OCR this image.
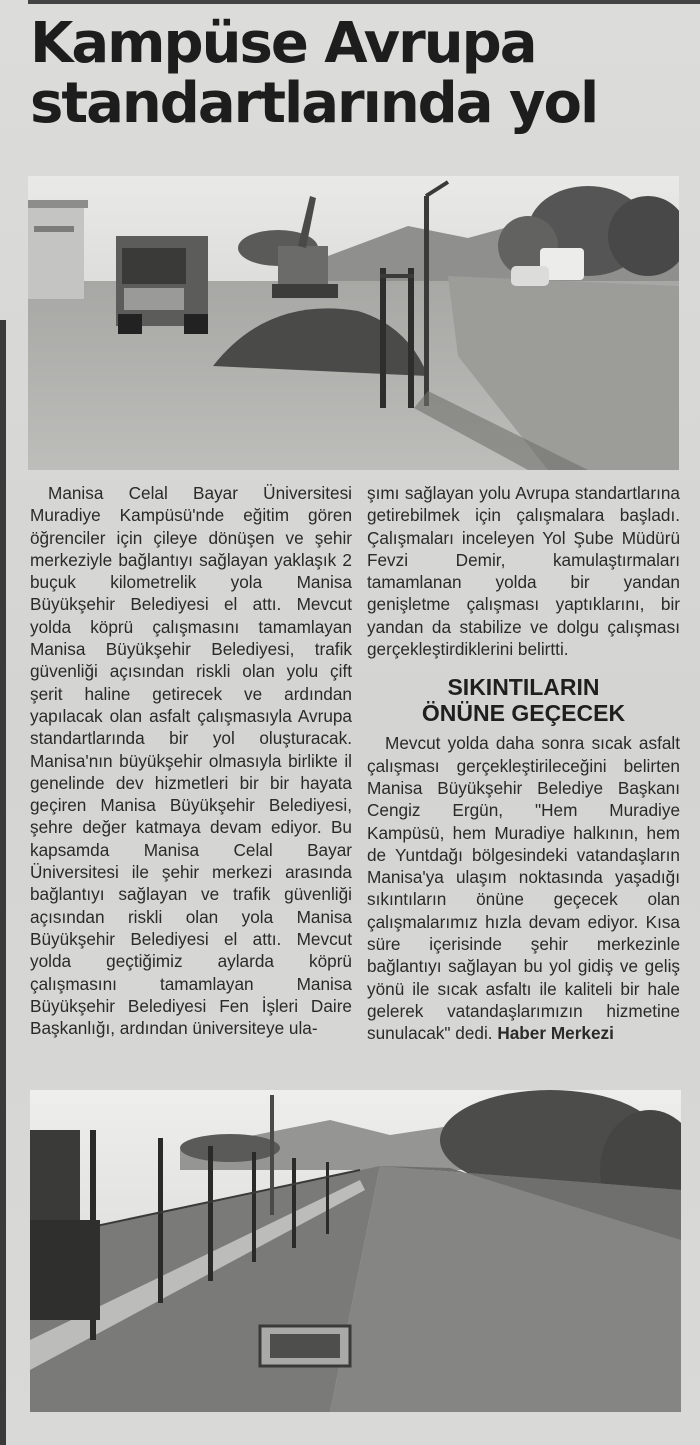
Kampüse Avrupa
standartlarında yol

Manisa Celal Bayar Üniversitesi Muradiye Kampüsü'nde eğitim gören öğrenciler için çileye dönüşen ve şehir merkeziyle bağlantıyı sağlayan yaklaşık 2 buçuk kilometrelik yola Manisa Büyükşehir Belediyesi el attı. Mevcut yolda köprü çalışmasını tamamlayan Manisa Büyükşehir Belediyesi, trafik güvenliği açısından riskli olan yolu çift şerit haline getirecek ve ardından yapılacak olan asfalt çalışmasıyla Avrupa standartlarında bir yol oluşturacak. Manisa'nın büyükşehir olmasıyla birlikte il genelinde dev hizmetleri bir bir hayata geçiren Manisa Büyükşehir Belediyesi, şehre değer katmaya devam ediyor. Bu kapsamda Manisa Celal Bayar Üniversitesi ile şehir merkezi arasında bağlantıyı sağlayan ve trafik güvenliği açısından riskli olan yola Manisa Büyükşehir Belediyesi el attı. Mevcut yolda geçtiğimiz aylarda köprü çalışmasını tamamlayan Manisa Büyükşehir Belediyesi Fen İşleri Daire Başkanlığı, ardından üniversiteye ula-

şımı sağlayan yolu Avrupa standartlarına getirebilmek için çalışmalara başladı. Çalışmaları inceleyen Yol Şube Müdürü Fevzi Demir, kamulaştırmaları tamamlanan yolda bir yandan genişletme çalışması yaptıklarını, bir yandan da stabilize ve dolgu çalışması gerçekleştirdiklerini belirtti.

SIKINTILARIN
ÖNÜNE GEÇECEK

Mevcut yolda daha sonra sıcak asfalt çalışması gerçekleştirileceğini belirten Manisa Büyükşehir Belediye Başkanı Cengiz Ergün, "Hem Muradiye Kampüsü, hem Muradiye halkının, hem de Yuntdağı bölgesindeki vatandaşların Manisa'ya ulaşım noktasında yaşadığı sıkıntıların önüne geçecek olan çalışmalarımız hızla devam ediyor. Kısa süre içerisinde şehir merkezinle bağlantıyı sağlayan bu yol gidiş ve geliş yönü ile sıcak asfaltı ile kaliteli bir hale gelerek vatandaşlarımızın hizmetine sunulacak" dedi. Haber Merkezi
